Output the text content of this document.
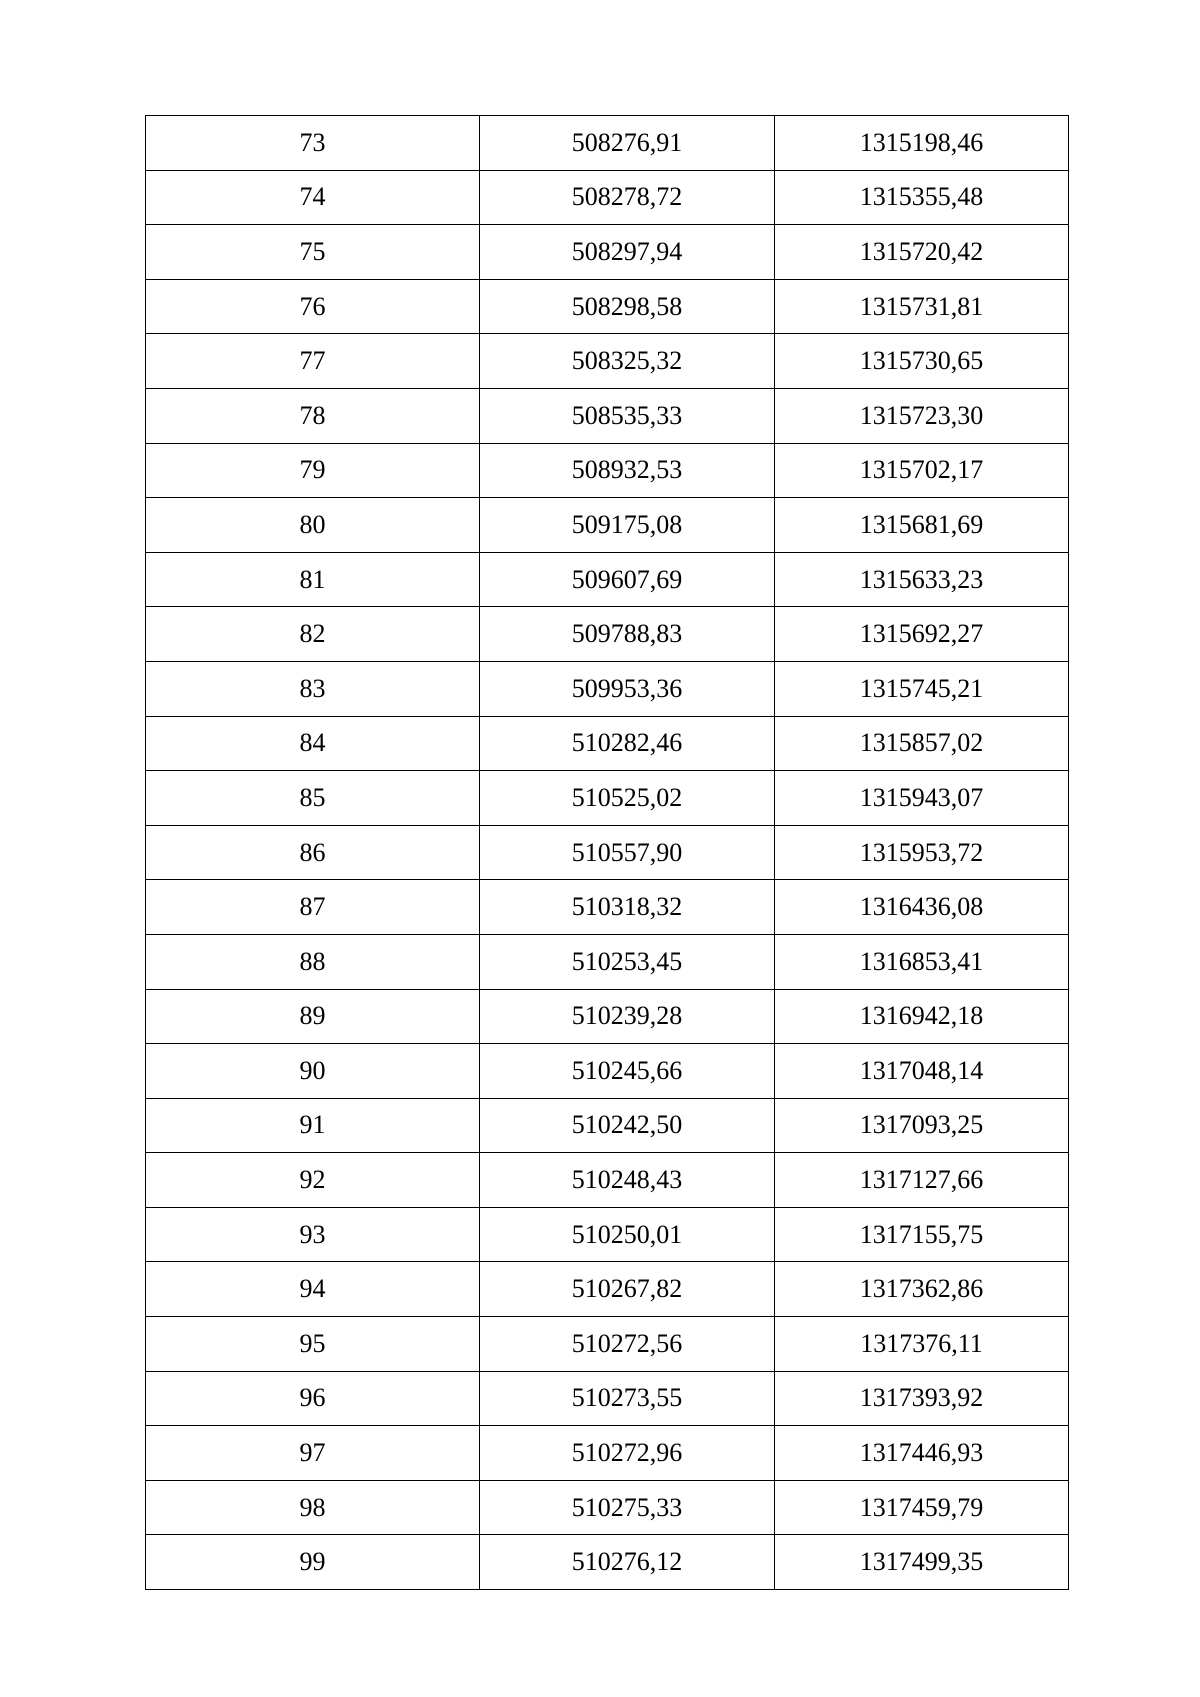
73	508276,91	1315198,46
74	508278,72	1315355,48
75	508297,94	1315720,42
76	508298,58	1315731,81
77	508325,32	1315730,65
78	508535,33	1315723,30
79	508932,53	1315702,17
80	509175,08	1315681,69
81	509607,69	1315633,23
82	509788,83	1315692,27
83	509953,36	1315745,21
84	510282,46	1315857,02
85	510525,02	1315943,07
86	510557,90	1315953,72
87	510318,32	1316436,08
88	510253,45	1316853,41
89	510239,28	1316942,18
90	510245,66	1317048,14
91	510242,50	1317093,25
92	510248,43	1317127,66
93	510250,01	1317155,75
94	510267,82	1317362,86
95	510272,56	1317376,11
96	510273,55	1317393,92
97	510272,96	1317446,93
98	510275,33	1317459,79
99	510276,12	1317499,35
